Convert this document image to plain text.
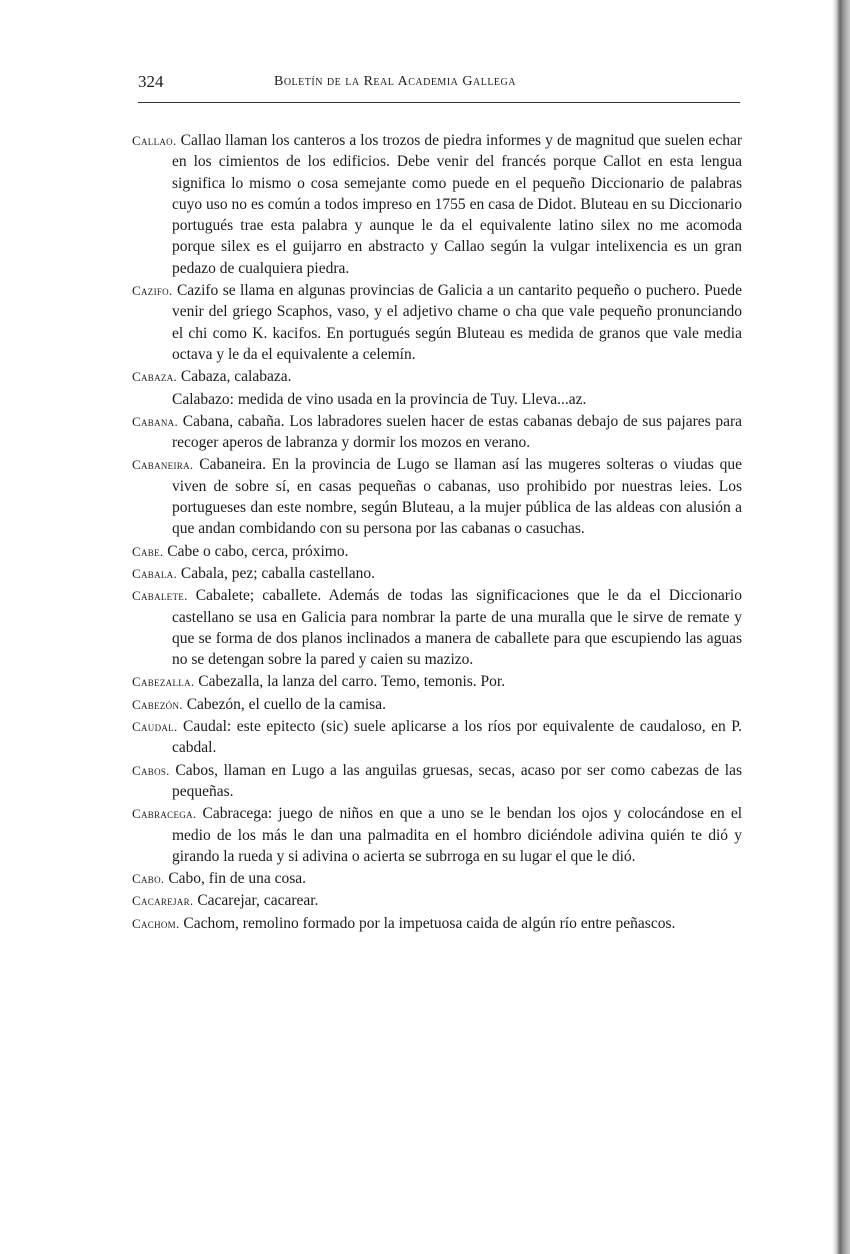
324	Boletín de la Real Academia Gallega

Callao. Callao llaman los canteros a los trozos de piedra informes y de magnitud que suelen echar en los cimientos de los edificios. Debe venir del francés porque Callot en esta lengua significa lo mismo o cosa semejante como puede en el pequeño Diccionario de palabras cuyo uso no es común a todos impreso en 1755 en casa de Didot. Bluteau en su Diccionario portugués trae esta palabra y aunque le da el equivalente latino silex no me acomoda porque silex es el guijarro en abstracto y Callao según la vulgar intelixencia es un gran pedazo de cualquiera piedra.

Cazifo. Cazifo se llama en algunas provincias de Galicia a un cantarito pequeño o puchero. Puede venir del griego Scaphos, vaso, y el adjetivo chame o cha que vale pequeño pronunciando el chi como K. kacifos. En portugués según Bluteau es medida de granos que vale media octava y le da el equivalente a celemín.

Cabaza. Cabaza, calabaza.

Calabazo: medida de vino usada en la provincia de Tuy. Lleva...az.

Cabana. Cabana, cabaña. Los labradores suelen hacer de estas cabanas debajo de sus pajares para recoger aperos de labranza y dormir los mozos en verano.

Cabaneira. Cabaneira. En la provincia de Lugo se llaman así las mugeres solteras o viudas que viven de sobre sí, en casas pequeñas o cabanas, uso prohibido por nuestras leies. Los portugueses dan este nombre, según Bluteau, a la mujer pública de las aldeas con alusión a que andan combidando con su persona por las cabanas o casuchas.

Cabe. Cabe o cabo, cerca, próximo.

Cabala. Cabala, pez; caballa castellano.

Cabalete. Cabalete; caballete. Además de todas las significaciones que le da el Diccionario castellano se usa en Galicia para nombrar la parte de una muralla que le sirve de remate y que se forma de dos planos inclinados a manera de caballete para que escupiendo las aguas no se detengan sobre la pared y caien su mazizo.

Cabezalla. Cabezalla, la lanza del carro. Temo, temonis. Por.

Cabezón. Cabezón, el cuello de la camisa.

Caudal. Caudal: este epitecto (sic) suele aplicarse a los ríos por equivalente de caudaloso, en P. cabdal.

Cabos. Cabos, llaman en Lugo a las anguilas gruesas, secas, acaso por ser como cabezas de las pequeñas.

Cabracega. Cabracega: juego de niños en que a uno se le bendan los ojos y colocándose en el medio de los más le dan una palmadita en el hombro diciéndole adivina quién te dió y girando la rueda y si adivina o acierta se subrroga en su lugar el que le dió.

Cabo. Cabo, fin de una cosa.

Cacarejar. Cacarejar, cacarear.

Cachom. Cachom, remolino formado por la impetuosa caida de algún río entre peñascos.
